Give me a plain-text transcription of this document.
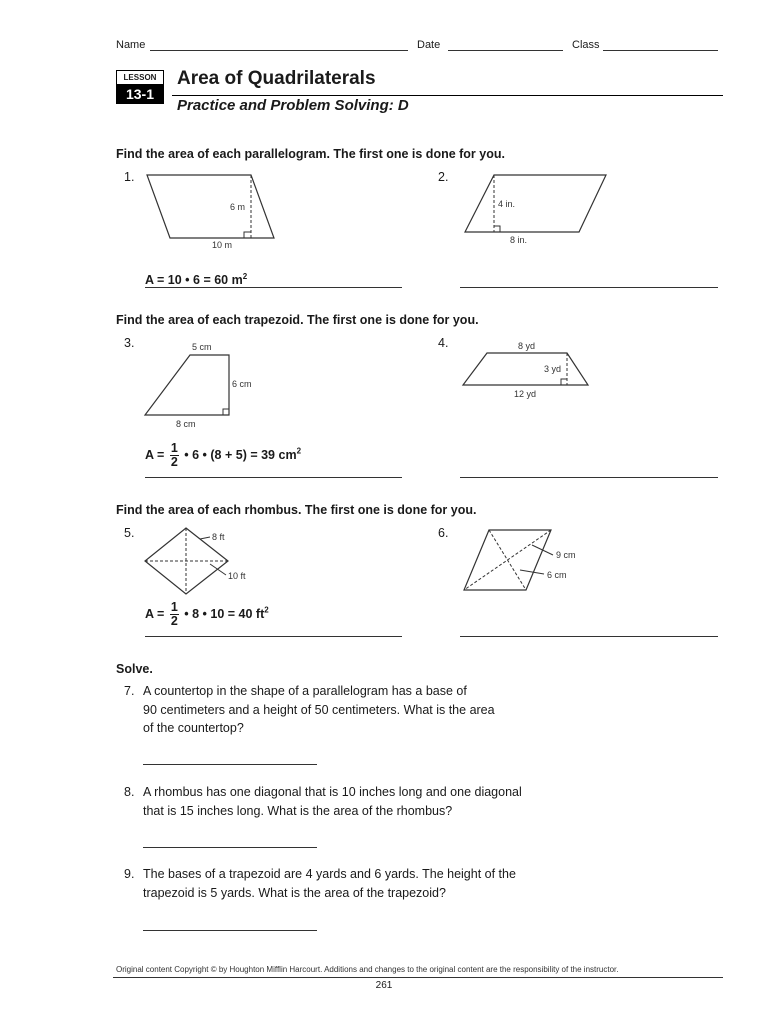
Name	Date	Class
LESSON
13-1
Area of Quadrilaterals
Practice and Problem Solving: D
Find the area of each parallelogram. The first one is done for you.
1.
6 m
10 m
A = 10 • 6 = 60 $m^2$
2.
4 in.
8 in.
Find the area of each trapezoid. The first one is done for you.
3.	5 cm
6 cm
8 cm
$A = \frac{1}{2}$ • 6 • (8 + 5) = 39 $cm^2$
4.	8 yd
3 yd
12 yd
Find the area of each rhombus. The first one is done for you.
5.	8 ft
10 ft
$A = \frac{1}{2}$ • 8 • 10 = 40 $ft^2$
6.
9 cm
6 cm
Solve.
7. A countertop in the shape of a parallelogram has a base of
90 centimeters and a height of 50 centimeters. What is the area
of the countertop?
8. A rhombus has one diagonal that is 10 inches long and one diagonal
that is 15 inches long. What is the area of the rhombus?
9. The bases of a trapezoid are 4 yards and 6 yards. The height of the
trapezoid is 5 yards. What is the area of the trapezoid?
Original content Copyright © by Houghton Mifflin Harcourt. Additions and changes to the original content are the responsibility of the instructor.
261
